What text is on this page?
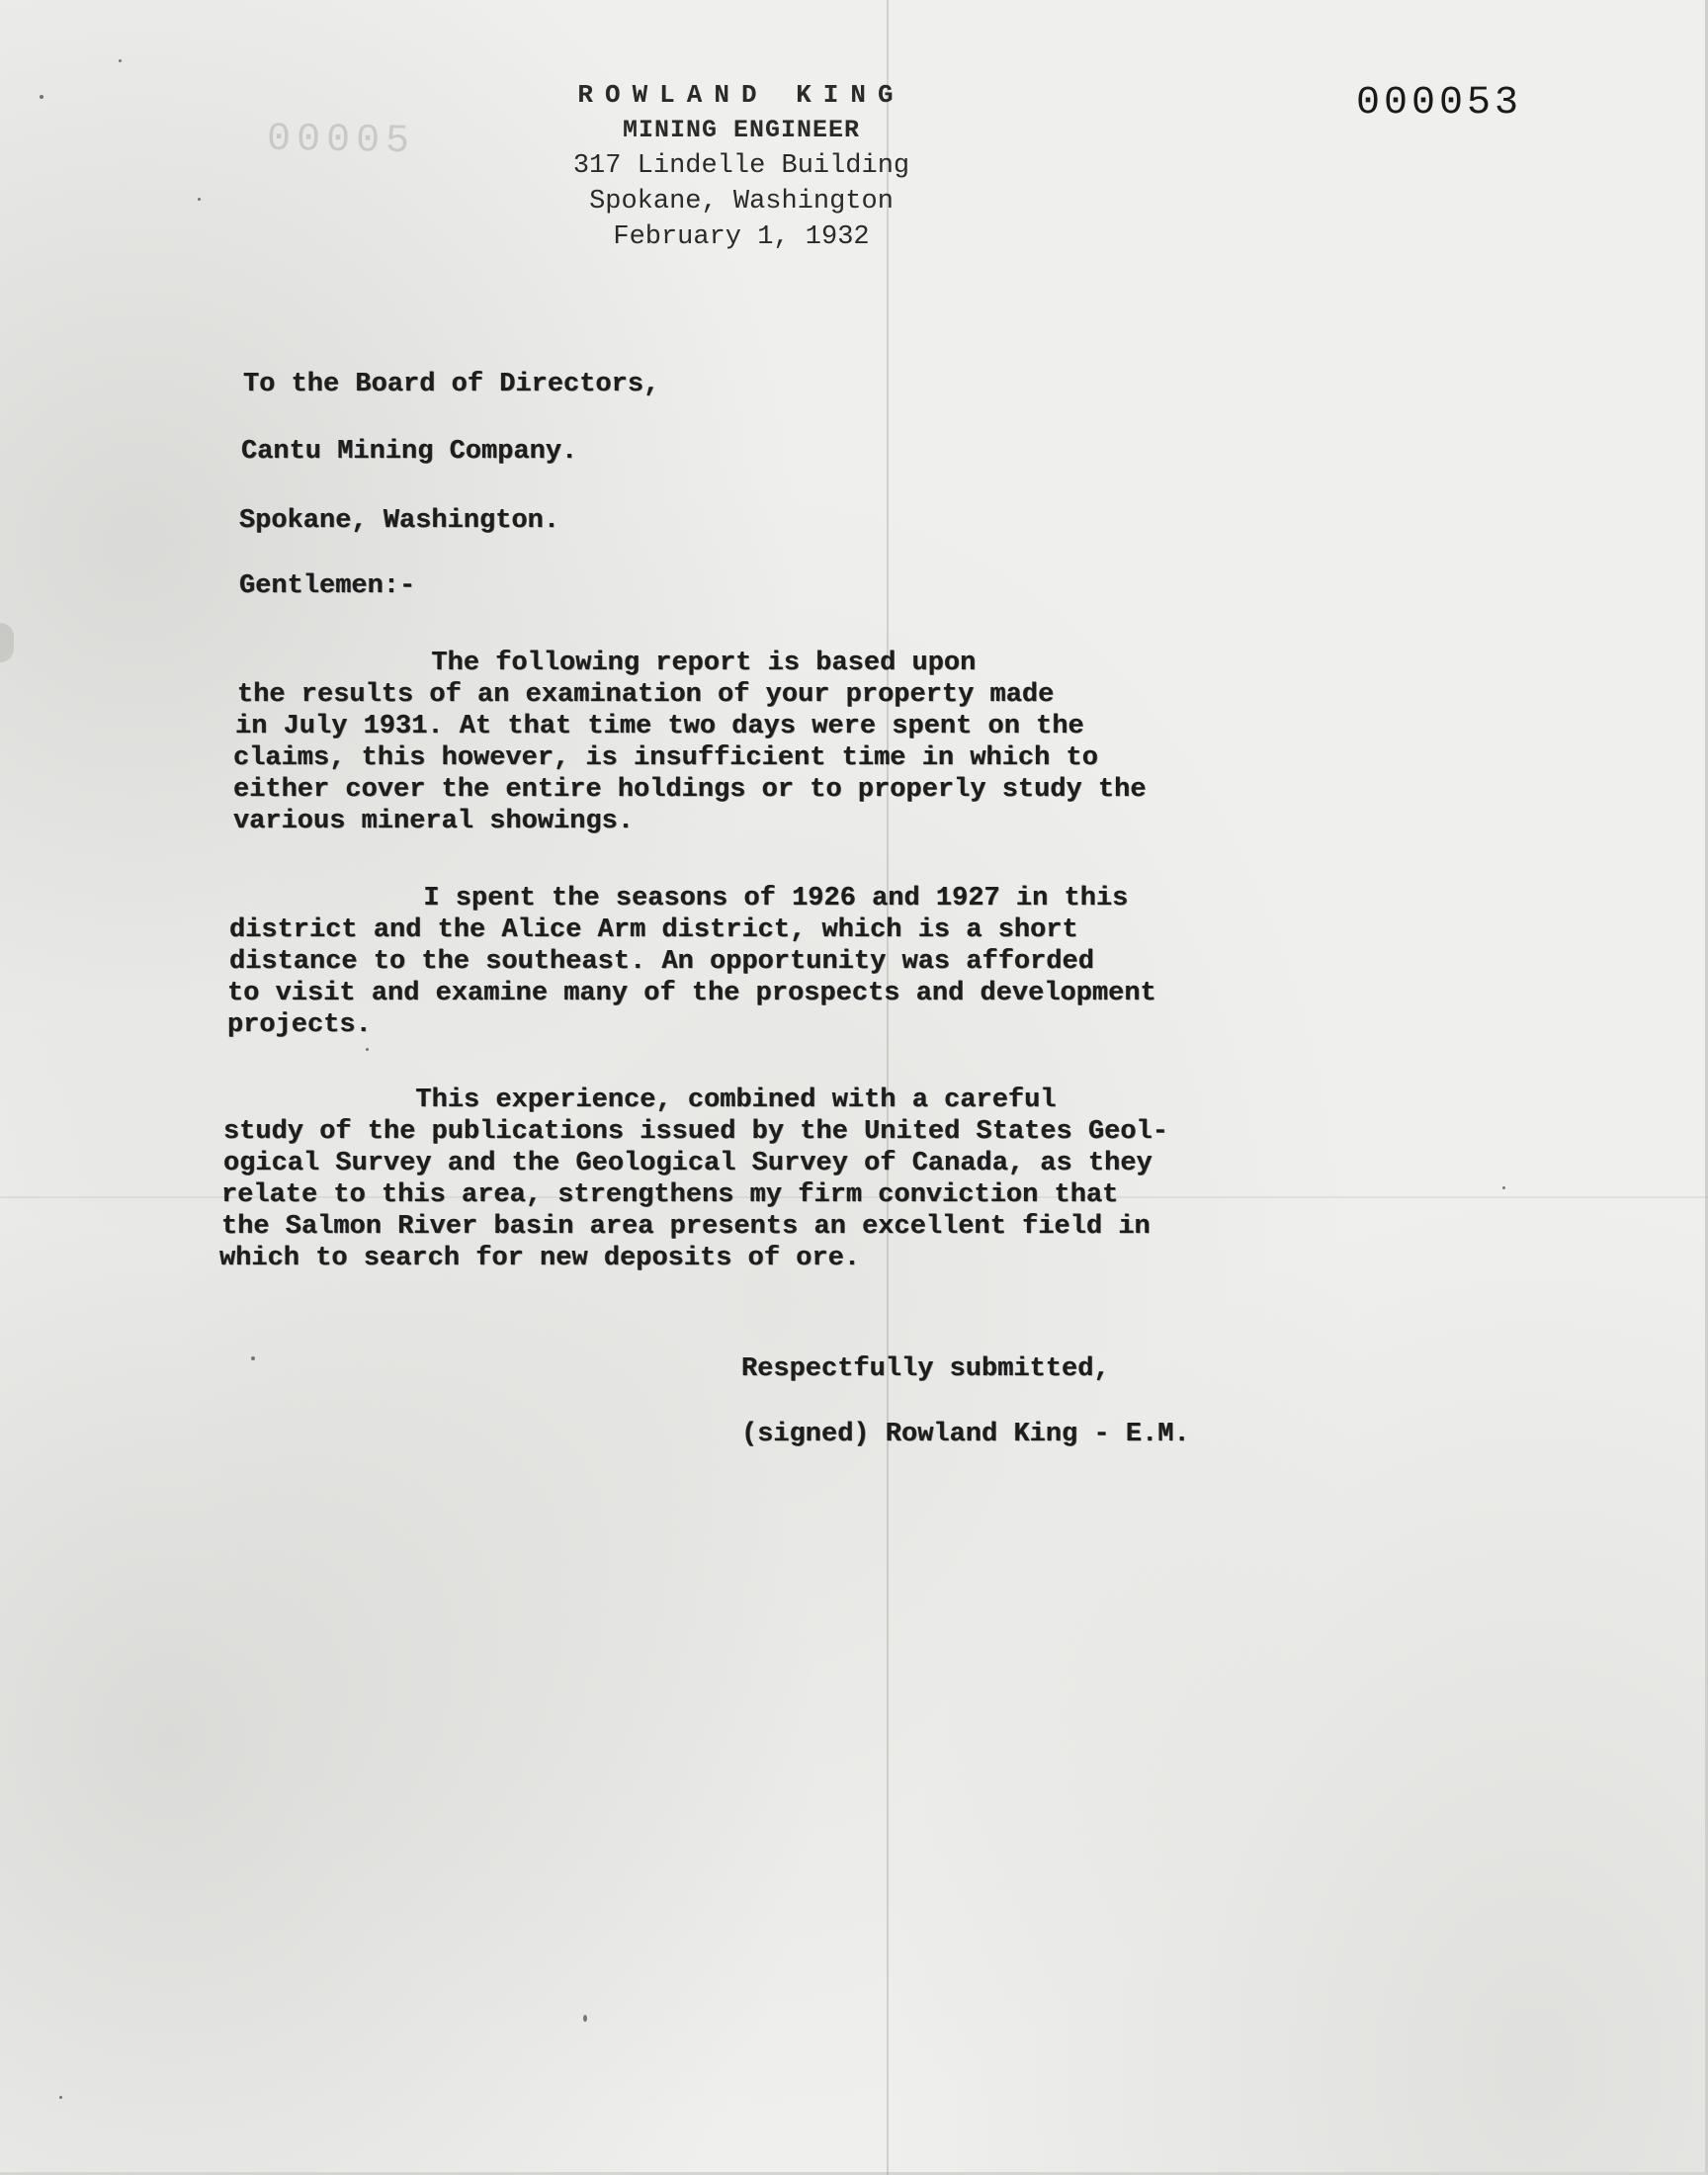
00005
ROWLAND KING
MINING ENGINEER
317 Lindelle Building
Spokane, Washington
February 1, 1932
000053
To the Board of Directors,
Cantu Mining Company.
Spokane, Washington.
Gentlemen:-
The following report is based upon
the results of an examination of your property made
in July 1931. At that time two days were spent on the
claims, this however, is insufficient time in which to
either cover the entire holdings or to properly study the
various mineral showings.
I spent the seasons of 1926 and 1927 in this
district and the Alice Arm district, which is a short
distance to the southeast. An opportunity was afforded
to visit and examine many of the prospects and development
projects.
This experience, combined with a careful
study of the publications issued by the United States Geol-
ogical Survey and the Geological Survey of Canada, as they
relate to this area, strengthens my firm conviction that
the Salmon River basin area presents an excellent field in
which to search for new deposits of ore.
Respectfully submitted,
(signed) Rowland King - E.M.
